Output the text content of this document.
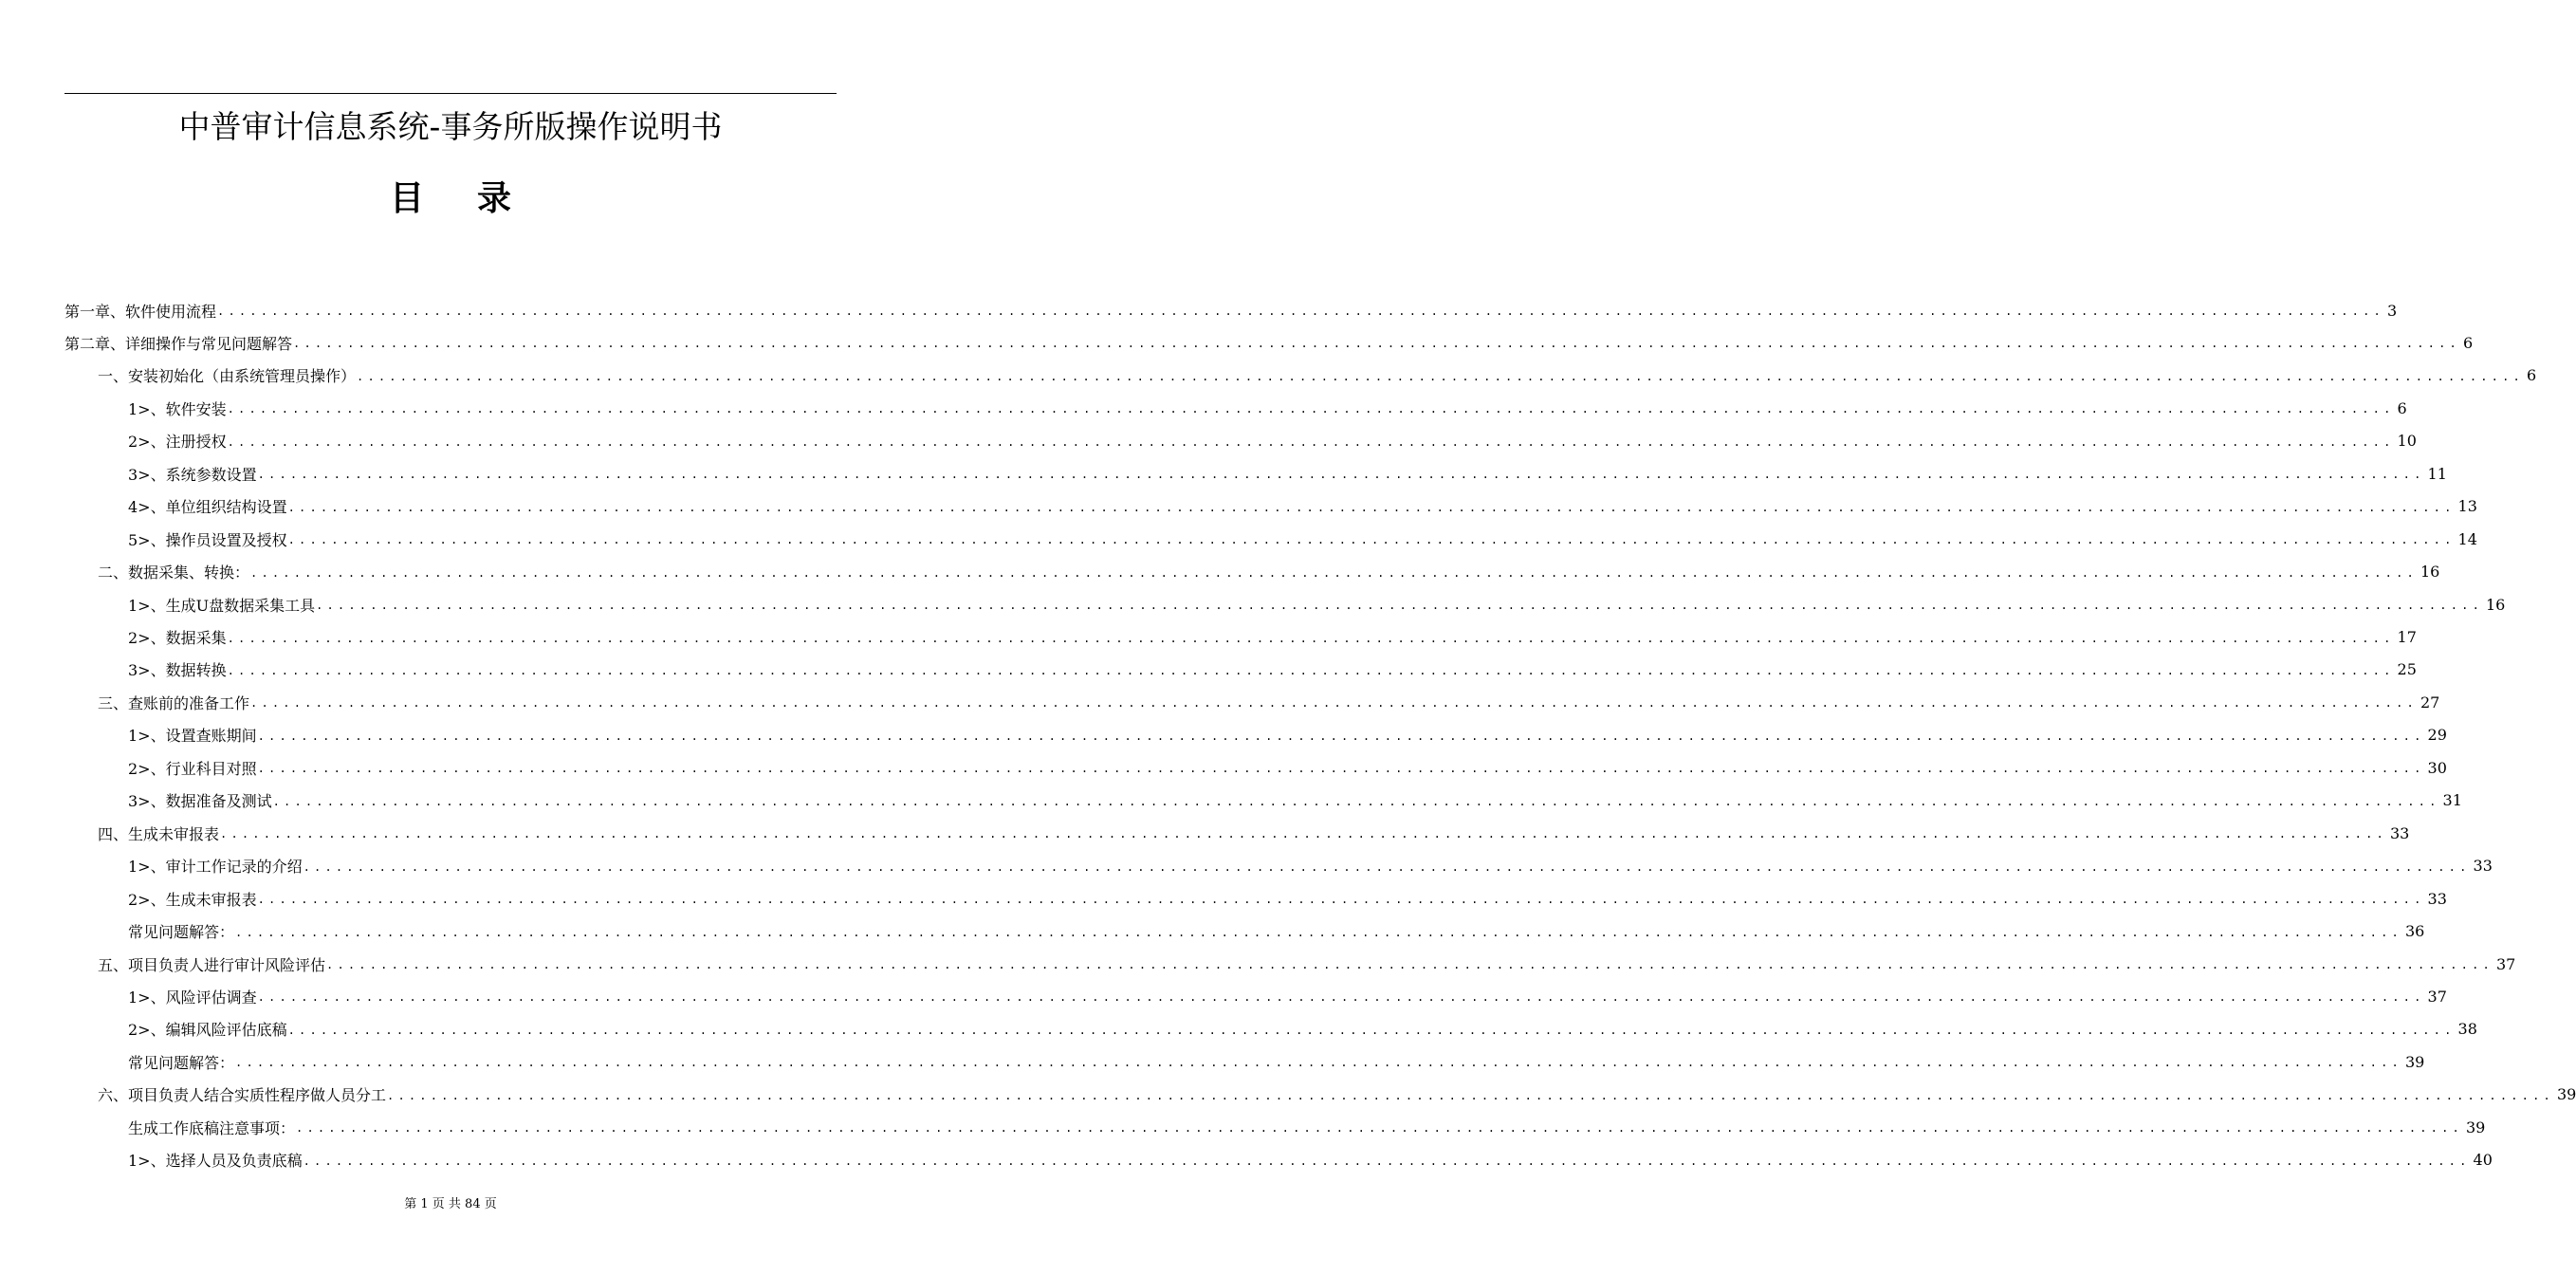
中普审计信息系统-事务所版操作说明书
目 录
第一章、软件使用流程 ........................................................................................................................................................................................................ 3
第二章、详细操作与常见问题解答 ........................................................................................................................................................................................................ 6
一、安装初始化（由系统管理员操作） ........................................................................................................................................................................................................ 6
1>、软件安装 ........................................................................................................................................................................................................ 6
2>、注册授权 ........................................................................................................................................................................................................ 10
3>、系统参数设置 ........................................................................................................................................................................................................ 11
4>、单位组织结构设置 ........................................................................................................................................................................................................ 13
5>、操作员设置及授权 ........................................................................................................................................................................................................ 14
二、数据采集、转换： ........................................................................................................................................................................................................ 16
1>、生成U盘数据采集工具 ........................................................................................................................................................................................................ 16
2>、数据采集 ........................................................................................................................................................................................................ 17
3>、数据转换 ........................................................................................................................................................................................................ 25
三、查账前的准备工作 ........................................................................................................................................................................................................ 27
1>、设置查账期间 ........................................................................................................................................................................................................ 29
2>、行业科目对照 ........................................................................................................................................................................................................ 30
3>、数据准备及测试 ........................................................................................................................................................................................................ 31
四、生成未审报表 ........................................................................................................................................................................................................ 33
1>、审计工作记录的介绍 ........................................................................................................................................................................................................ 33
2>、生成未审报表 ........................................................................................................................................................................................................ 33
常见问题解答： ........................................................................................................................................................................................................ 36
五、项目负责人进行审计风险评估 ........................................................................................................................................................................................................ 37
1>、风险评估调查 ........................................................................................................................................................................................................ 37
2>、编辑风险评估底稿 ........................................................................................................................................................................................................ 38
常见问题解答： ........................................................................................................................................................................................................ 39
六、项目负责人结合实质性程序做人员分工 ........................................................................................................................................................................................................ 39
生成工作底稿注意事项： ........................................................................................................................................................................................................ 39
1>、选择人员及负责底稿 ........................................................................................................................................................................................................ 40
第 1 页 共 84 页
